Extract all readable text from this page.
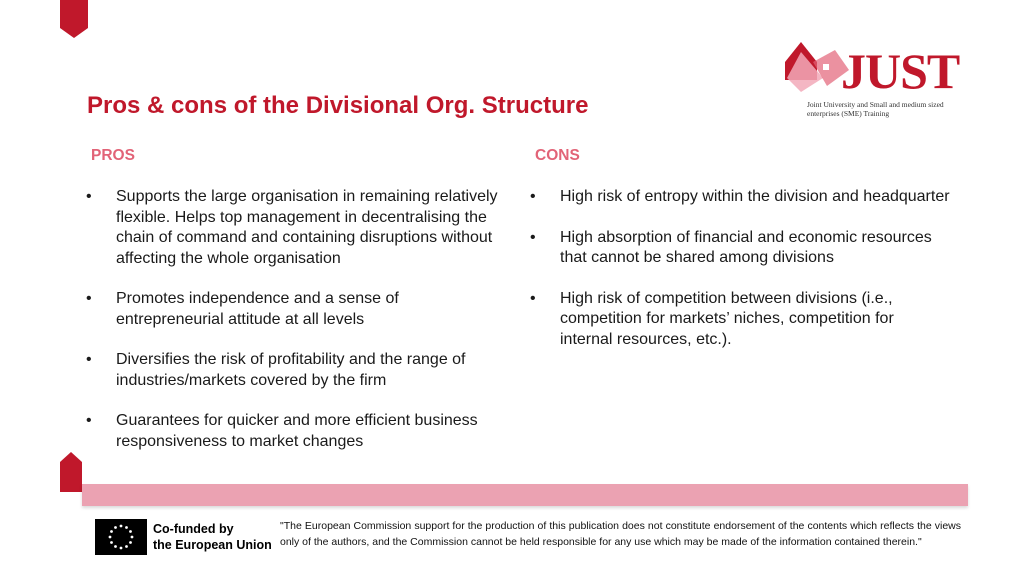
JUST
Joint University and Small and medium sized enterprises (SME) Training
Pros & cons of the Divisional Org. Structure
PROS	CONS
•	Supports the large organisation in remaining relatively flexible. Helps top management in decentralising the chain of command and containing disruptions without affecting the whole organisation
•	Promotes independence and a sense of entrepreneurial attitude at all levels
•	Diversifies the risk of profitability and the range of industries/markets covered by the firm
•	Guarantees for quicker and more efficient business responsiveness to market changes
•	High risk of entropy within the division and headquarter
•	High absorption of financial and economic resources that cannot be shared among divisions
•	High risk of competition between divisions (i.e., competition for markets’ niches, competition for internal resources, etc.).
Co-funded by
the European Union
"The European Commission support for the production of this publication does not constitute endorsement of the contents which reflects the views only of the authors, and the Commission cannot be held responsible for any use which may be made of the information contained therein."
